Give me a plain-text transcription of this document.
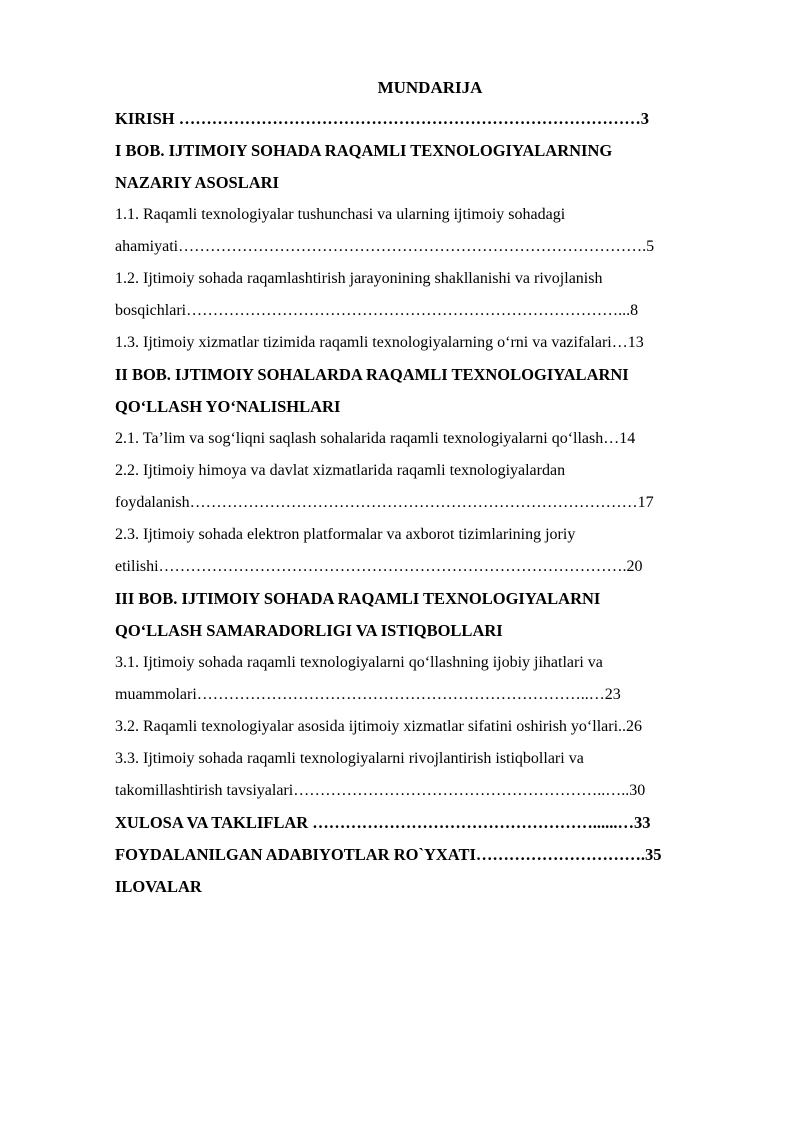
MUNDARIJA
KIRISH …………………………………………………………………………3
I BOB. IJTIMOIY SOHADA RAQAMLI TEXNOLOGIYALARNING
NAZARIY ASOSLARI
1.1. Raqamli texnologiyalar tushunchasi va ularning ijtimoiy sohadagi
ahamiyati…………………………………………………………………………….5
1.2. Ijtimoiy sohada raqamlashtirish jarayonining shakllanishi va rivojlanish
bosqichlari………………………………………………………………………...8
1.3. Ijtimoiy xizmatlar tizimida raqamli texnologiyalarning oʻrni va vazifalari…13
II BOB. IJTIMOIY SOHALARDA RAQAMLI TEXNOLOGIYALARNI
QOʻLLASH YOʻNALISHLARI
2.1. Taʼlim va sogʻliqni saqlash sohalarida raqamli texnologiyalarni qoʻllash…14
2.2. Ijtimoiy himoya va davlat xizmatlarida raqamli texnologiyalardan
foydalanish…………………………………………………………………………17
2.3. Ijtimoiy sohada elektron platformalar va axborot tizimlarining joriy
etilishi…………………………………………………………………………….20
III BOB. IJTIMOIY SOHADA RAQAMLI TEXNOLOGIYALARNI
QOʻLLASH SAMARADORLIGI VA ISTIQBOLLARI
3.1. Ijtimoiy sohada raqamli texnologiyalarni qoʻllashning ijobiy jihatlari va
muammolari………………………………………………………………..…23
3.2. Raqamli texnologiyalar asosida ijtimoiy xizmatlar sifatini oshirish yoʻllari..26
3.3. Ijtimoiy sohada raqamli texnologiyalarni rivojlantirish istiqbollari va
takomillashtirish tavsiyalari…………………………………………………..…..30
XULOSA VA TAKLIFLAR ……………………………………………......…33
FOYDALANILGAN ADABIYOTLAR RO`YXATI………………………….35
ILOVALAR
